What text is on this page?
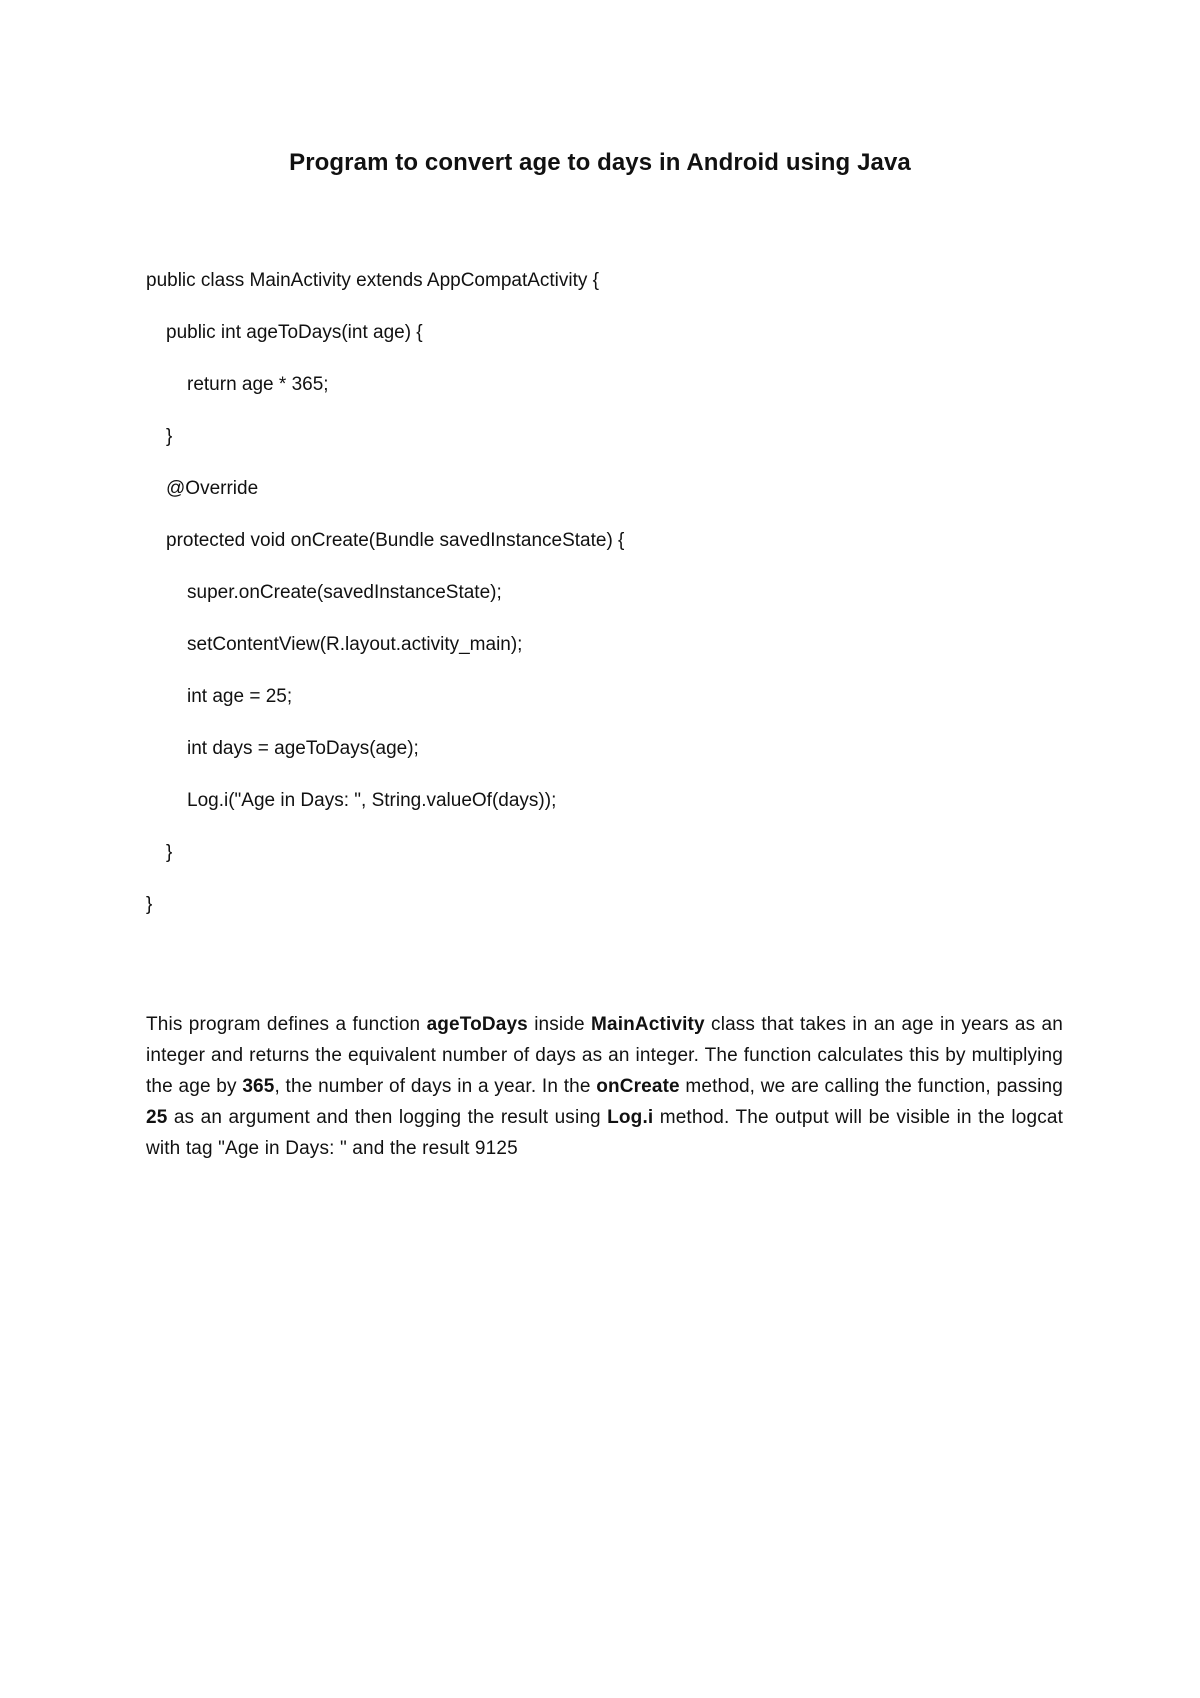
Program to convert age to days in Android using Java
public class MainActivity extends AppCompatActivity {
public int ageToDays(int age) {
return age * 365;
}
@Override
protected void onCreate(Bundle savedInstanceState) {
super.onCreate(savedInstanceState);
setContentView(R.layout.activity_main);
int age = 25;
int days = ageToDays(age);
Log.i("Age in Days: ", String.valueOf(days));
}
}

This program defines a function ageToDays inside MainActivity class that takes in an age in years as an integer and returns the equivalent number of days as an integer. The function calculates this by multiplying the age by 365, the number of days in a year. In the onCreate method, we are calling the function, passing 25 as an argument and then logging the result using Log.i method. The output will be visible in the logcat with tag "Age in Days: " and the result 9125
